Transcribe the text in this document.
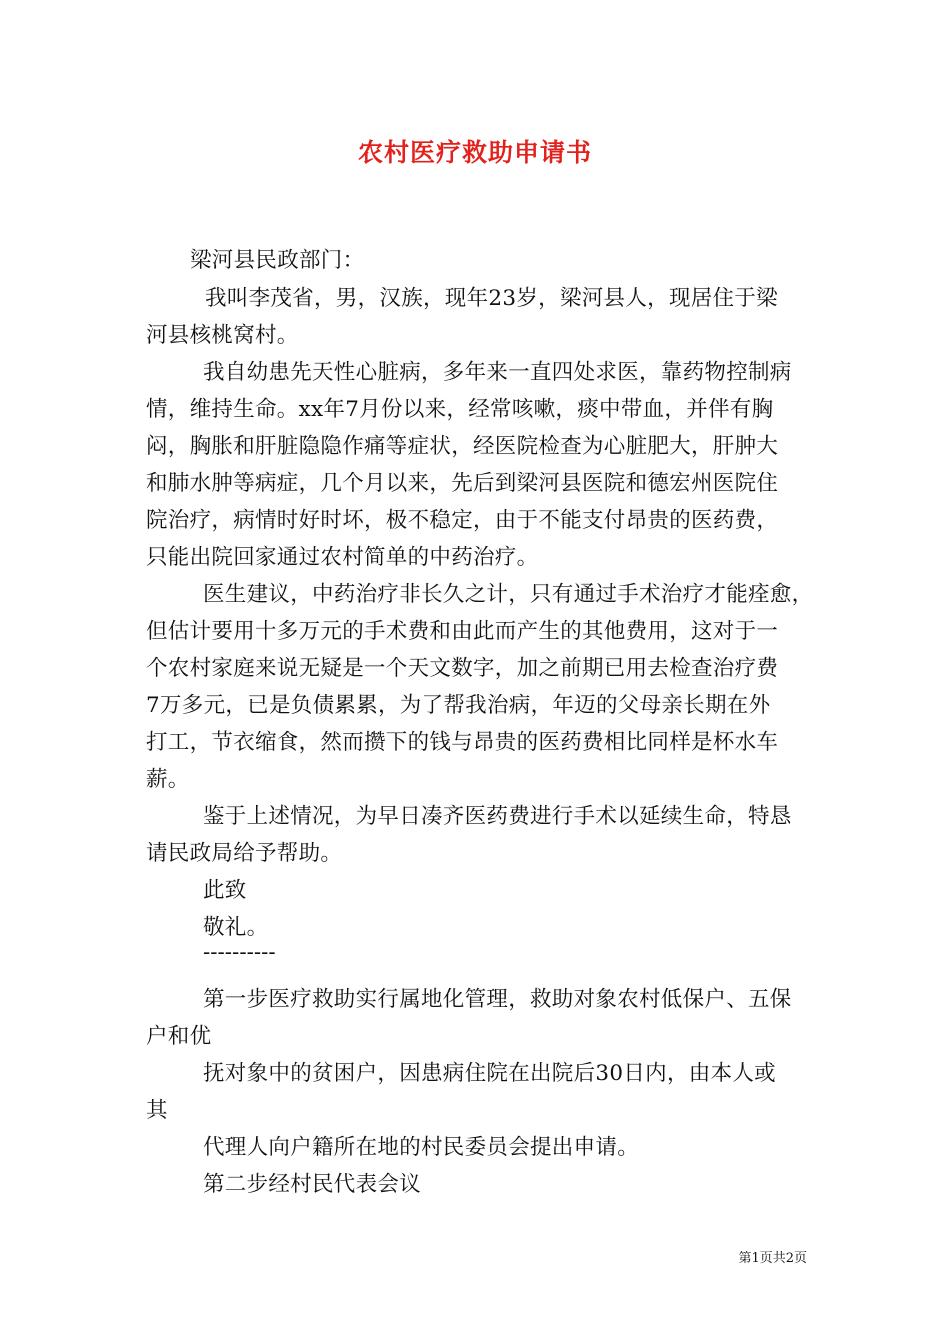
农村医疗救助申请书
梁河县民政部门：
我叫李茂省，男，汉族，现年23岁，梁河县人，现居住于梁
河县核桃窝村。
我自幼患先天性心脏病，多年来一直四处求医，靠药物控制病
情，维持生命。xx年7月份以来，经常咳嗽，痰中带血，并伴有胸
闷，胸胀和肝脏隐隐作痛等症状，经医院检查为心脏肥大，肝肿大
和肺水肿等病症，几个月以来，先后到梁河县医院和德宏州医院住
院治疗，病情时好时坏，极不稳定，由于不能支付昂贵的医药费，
只能出院回家通过农村简单的中药治疗。
医生建议，中药治疗非长久之计，只有通过手术治疗才能痊愈，
但估计要用十多万元的手术费和由此而产生的其他费用，这对于一
个农村家庭来说无疑是一个天文数字，加之前期已用去检查治疗费
7万多元，已是负债累累，为了帮我治病，年迈的父母亲长期在外
打工，节衣缩食，然而攒下的钱与昂贵的医药费相比同样是杯水车
薪。
鉴于上述情况，为早日凑齐医药费进行手术以延续生命，特恳
请民政局给予帮助。
此致
敬礼。
----------
第一步医疗救助实行属地化管理，救助对象农村低保户、五保
户和优
抚对象中的贫困户，因患病住院在出院后30日内，由本人或
其
代理人向户籍所在地的村民委员会提出申请。
第二步经村民代表会议
第1页共2页
